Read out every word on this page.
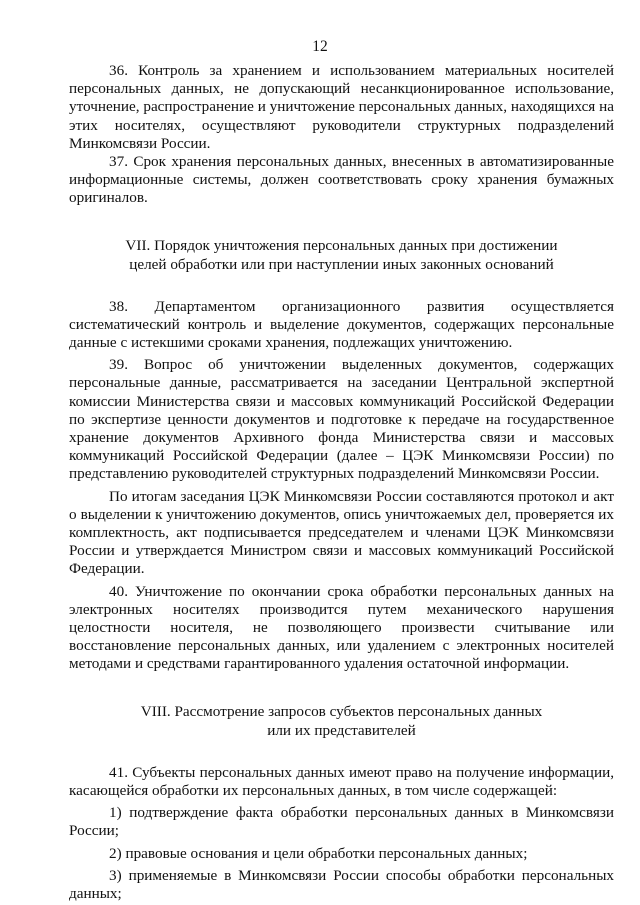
12

36. Контроль за хранением и использованием материальных носителей персональных данных, не допускающий несанкционированное использование, уточнение, распространение и уничтожение персональных данных, находящихся на этих носителях, осуществляют руководители структурных подразделений Минкомсвязи России.

37. Срок хранения персональных данных, внесенных в автоматизированные информационные системы, должен соответствовать сроку хранения бумажных оригиналов.

VII. Порядок уничтожения персональных данных при достижении
целей обработки или при наступлении иных законных оснований

38. Департаментом организационного развития осуществляется систематический контроль и выделение документов, содержащих персональные данные с истекшими сроками хранения, подлежащих уничтожению.

39. Вопрос об уничтожении выделенных документов, содержащих персональные данные, рассматривается на заседании Центральной экспертной комиссии Министерства связи и массовых коммуникаций Российской Федерации по экспертизе ценности документов и подготовке к передаче на государственное хранение документов Архивного фонда Министерства связи и массовых коммуникаций Российской Федерации (далее – ЦЭК Минкомсвязи России) по представлению руководителей структурных подразделений Минкомсвязи России.

По итогам заседания ЦЭК Минкомсвязи России составляются протокол и акт о выделении к уничтожению документов, опись уничтожаемых дел, проверяется их комплектность, акт подписывается председателем и членами ЦЭК Минкомсвязи России и утверждается Министром связи и массовых коммуникаций Российской Федерации.

40. Уничтожение по окончании срока обработки персональных данных на электронных носителях производится путем механического нарушения целостности носителя, не позволяющего произвести считывание или восстановление персональных данных, или удалением с электронных носителей методами и средствами гарантированного удаления остаточной информации.

VIII. Рассмотрение запросов субъектов персональных данных
или их представителей

41. Субъекты персональных данных имеют право на получение информации, касающейся обработки их персональных данных, в том числе содержащей:

1) подтверждение факта обработки персональных данных в Минкомсвязи России;

2) правовые основания и цели обработки персональных данных;

3) применяемые в Минкомсвязи России способы обработки персональных данных;
